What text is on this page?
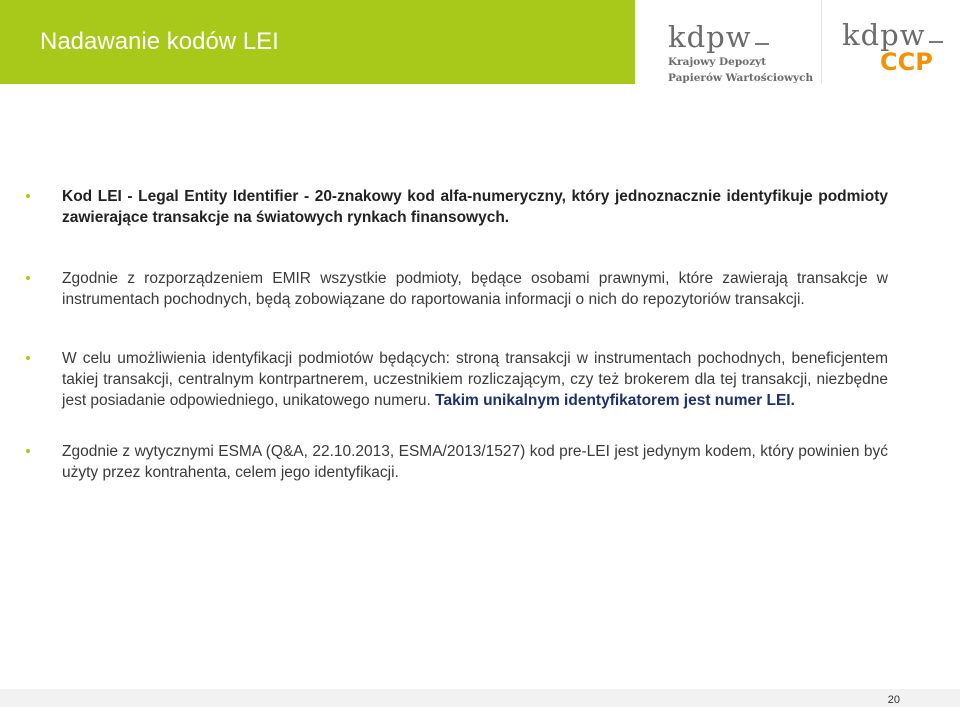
Nadawanie kodów LEI	kdpw
Krajowy Depozyt
Papierów Wartościowych
kdpw
CCP
Kod LEI - Legal Entity Identifier - 20-znakowy kod alfa-numeryczny, który jednoznacznie identyfikuje podmioty zawierające transakcje na światowych rynkach finansowych.
Zgodnie z rozporządzeniem EMIR wszystkie podmioty, będące osobami prawnymi, które zawierają transakcje w instrumentach pochodnych, będą zobowiązane do raportowania informacji o nich do repozytoriów transakcji.
W celu umożliwienia identyfikacji podmiotów będących: stroną transakcji w instrumentach pochodnych, beneficjentem takiej transakcji, centralnym kontrpartnerem, uczestnikiem rozliczającym, czy też brokerem dla tej transakcji, niezbędne jest posiadanie odpowiedniego, unikatowego numeru. Takim unikalnym identyfikatorem jest numer LEI.
Zgodnie z wytycznymi ESMA (Q&A, 22.10.2013, ESMA/2013/1527) kod pre-LEI jest jedynym kodem, który powinien być użyty przez kontrahenta, celem jego identyfikacji.
20
